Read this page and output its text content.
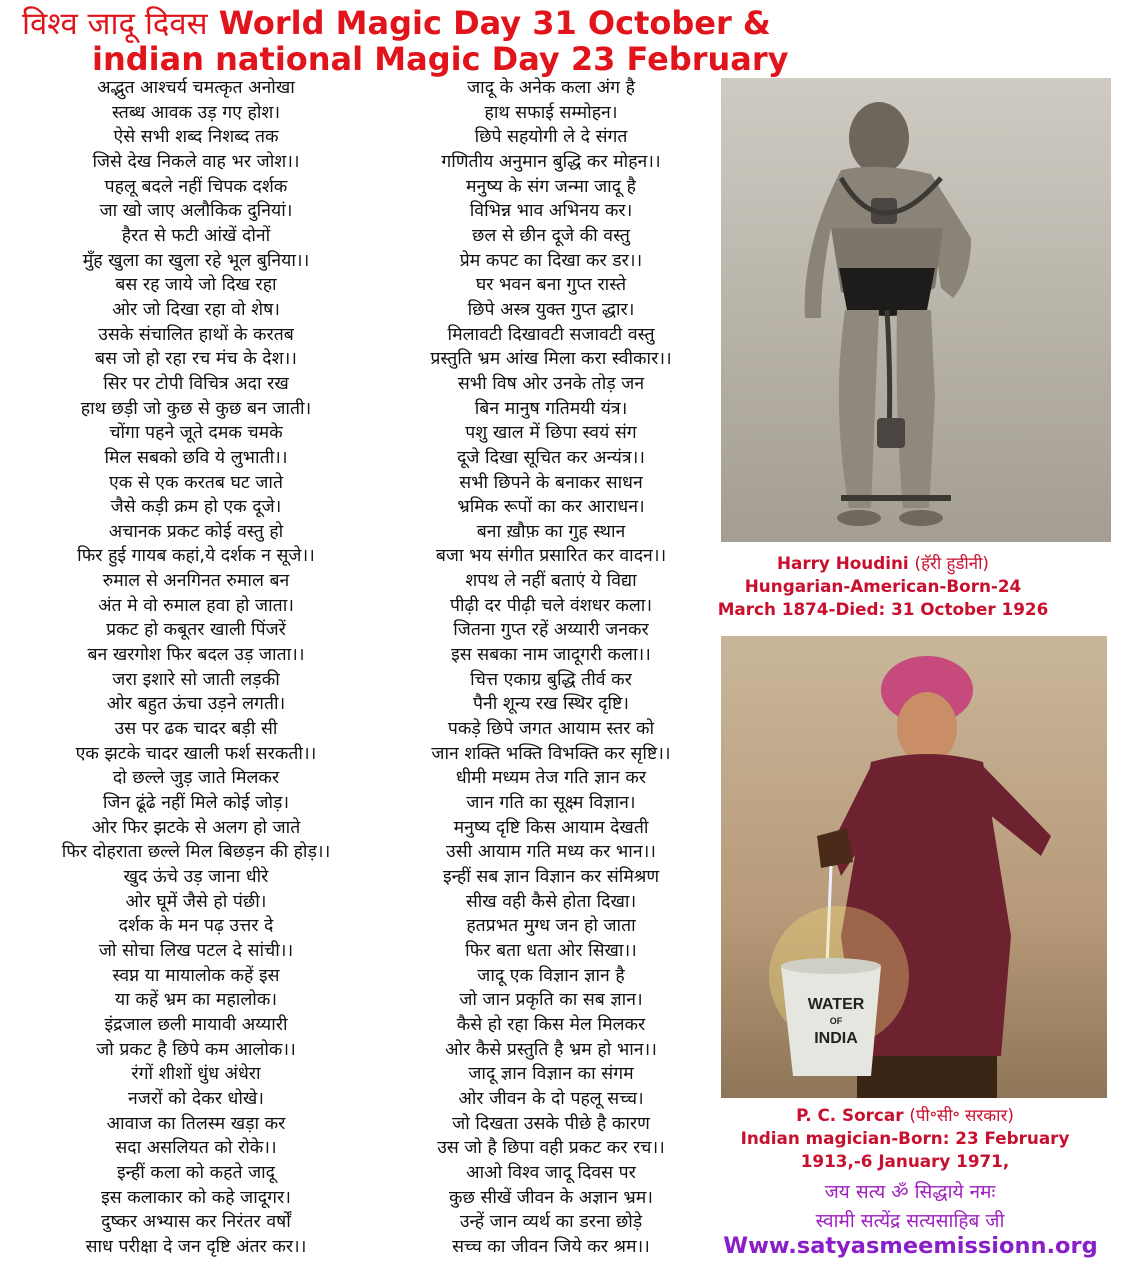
विश्व जादू दिवस World Magic Day 31 October &
indian national Magic Day 23 February
अद्भुत आश्चर्य चमत्कृत अनोखा
स्तब्ध आवक उड़ गए होश।
ऐसे सभी शब्द निशब्द तक
जिसे देख निकले वाह भर जोश।।
पहलू बदले नहीं चिपक दर्शक
जा खो जाए अलौकिक दुनियां।
हैरत से फटी आंखें दोनों
मुँह खुला का खुला रहे भूल बुनिया।।
बस रह जाये जो दिख रहा
ओर जो दिखा रहा वो शेष।
उसके संचालित हाथों के करतब
बस जो हो रहा रच मंच के देश।।
सिर पर टोपी विचित्र अदा रख
हाथ छड़ी जो कुछ से कुछ बन जाती।
चोंगा पहने जूते दमक चमके
मिल सबको छवि ये लुभाती।।
एक से एक करतब घट जाते
जैसे कड़ी क्रम हो एक दूजे।
अचानक प्रकट कोई वस्तु हो
फिर हुई गायब कहां,ये दर्शक न सूजे।।
रुमाल से अनगिनत रुमाल बन
अंत मे वो रुमाल हवा हो जाता।
प्रकट हो कबूतर खाली पिंजरें
बन खरगोश फिर बदल उड़ जाता।।
जरा इशारे सो जाती लड़की
ओर बहुत ऊंचा उड़ने लगती।
उस पर ढक चादर बड़ी सी
एक झटके चादर खाली फर्श सरकती।।
दो छल्ले जुड़ जाते मिलकर
जिन ढूंढे नहीं मिले कोई जोड़।
ओर फिर झटके से अलग हो जाते
फिर दोहराता छल्ले मिल बिछड़न की होड़।।
खुद ऊंचे उड़ जाना धीरे
ओर घूमें जैसे हो पंछी।
दर्शक के मन पढ़ उत्तर दे
जो सोचा लिख पटल दे सांची।।
स्वप्न या मायालोक कहें इस
या कहें भ्रम का महालोक।
इंद्रजाल छली मायावी अय्यारी
जो प्रकट है छिपे कम आलोक।।
रंगों शीशों धुंध अंधेरा
नजरों को देकर धोखे।
आवाज का तिलस्म खड़ा कर
सदा असलियत को रोके।।
इन्हीं कला को कहते जादू
इस कलाकार को कहे जादूगर।
दुष्कर अभ्यास कर निरंतर वर्षों
साध परीक्षा दे जन दृष्टि अंतर कर।।
जादू के अनेक कला अंग है
हाथ सफाई सम्मोहन।
छिपे सहयोगी ले दे संगत
गणितीय अनुमान बुद्धि कर मोहन।।
मनुष्य के संग जन्मा जादू है
विभिन्न भाव अभिनय कर।
छल से छीन दूजे की वस्तु
प्रेम कपट का दिखा कर डर।।
घर भवन बना गुप्त रास्ते
छिपे अस्त्र युक्त गुप्त द्धार।
मिलावटी दिखावटी सजावटी वस्तु
प्रस्तुति भ्रम आंख मिला करा स्वीकार।।
सभी विष ओर उनके तोड़ जन
बिन मानुष गतिमयी यंत्र।
पशु खाल में छिपा स्वयं संग
दूजे दिखा सूचित कर अन्यंत्र।।
सभी छिपने के बनाकर साधन
भ्रमिक रूपों का कर आराधन।
बना ख़ौफ़ का गुह स्थान
बजा भय संगीत प्रसारित कर वादन।।
शपथ ले नहीं बताएं ये विद्या
पीढ़ी दर पीढ़ी चले वंशधर कला।
जितना गुप्त रहें अय्यारी जनकर
इस सबका नाम जादूगरी कला।।
चित्त एकाग्र बुद्धि तीर्व कर
पैनी शून्य रख स्थिर दृष्टि।
पकड़े छिपे जगत आयाम स्तर को
जान शक्ति भक्ति विभक्ति कर सृष्टि।।
धीमी मध्यम तेज गति ज्ञान कर
जान गति का सूक्ष्म विज्ञान।
मनुष्य दृष्टि किस आयाम देखती
उसी आयाम गति मध्य कर भान।।
इन्हीं सब ज्ञान विज्ञान कर संमिश्रण
सीख वही कैसे होता दिखा।
हतप्रभत मुग्ध जन हो जाता
फिर बता धता ओर सिखा।।
जादू एक विज्ञान ज्ञान है
जो जान प्रकृति का सब ज्ञान।
कैसे हो रहा किस मेल मिलकर
ओर कैसे प्रस्तुति है भ्रम हो भान।।
जादू ज्ञान विज्ञान का संगम
ओर जीवन के दो पहलू सच्च।
जो दिखता उसके पीछे है कारण
उस जो है छिपा वही प्रकट कर रच।।
आओ विश्व जादू दिवस पर
कुछ सीखें जीवन के अज्ञान भ्रम।
उन्हें जान व्यर्थ का डरना छोड़े
सच्च का जीवन जिये कर श्रम।।
Harry Houdini (हॅरी हुडीनी)
Hungarian-American-Born-24
March 1874-Died: 31 October 1926
WATER
OF
INDIA
P. C. Sorcar (पी॰सी॰ सरकार)
Indian magician-Born: 23 February
1913,-6 January 1971,
जय सत्य ॐ सिद्धाये नमः
स्वामी सत्येंद्र सत्यसाहिब जी
Www.satyasmeemissionn.org
